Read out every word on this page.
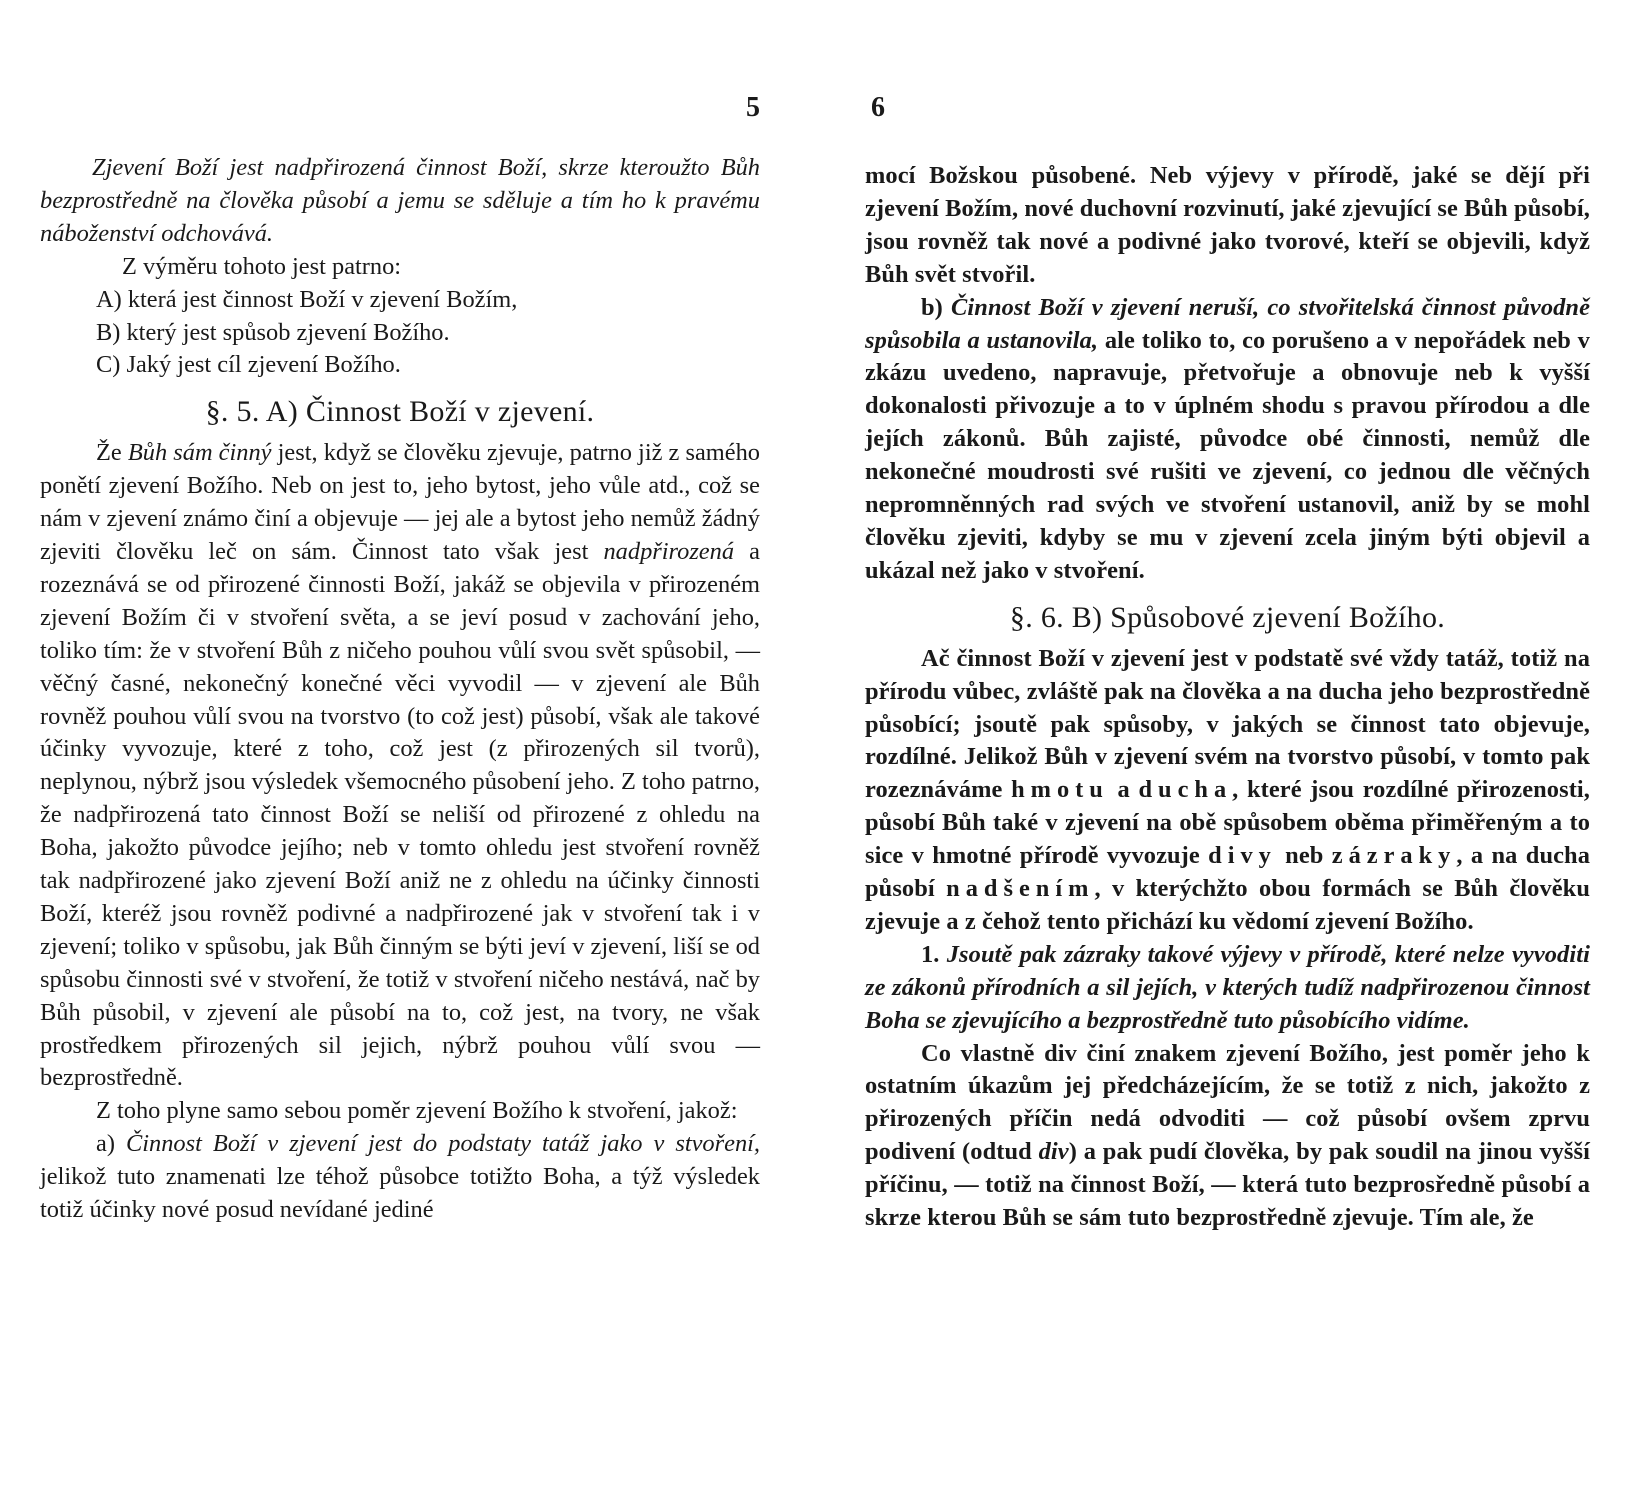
5

Zjevení Boží jest nadpřirozená činnost Boží, skrze kteroužto Bůh bezprostředně na člověka působí a jemu se sděluje a tím ho k pravému náboženství odchovává.

Z výměru tohoto jest patrno:

A) která jest činnost Boží v zjevení Božím,

B) který jest spůsob zjevení Božího.

C) Jaký jest cíl zjevení Božího.

§. 5. A) Činnost Boží v zjevení.

Že Bůh sám činný jest, když se člověku zjevuje, patrno již z samého ponětí zjevení Božího. Neb on jest to, jeho bytost, jeho vůle atd., což se nám v zjevení známo činí a objevuje — jej ale a bytost jeho nemůž žádný zjeviti člověku leč on sám. Činnost tato však jest nadpřirozená a rozeznává se od přirozené činnosti Boží, jakáž se objevila v přirozeném zjevení Božím či v stvoření světa, a se jeví posud v zachování jeho, toliko tím: že v stvoření Bůh z ničeho pouhou vůlí svou svět spůsobil, — věčný časné, nekonečný konečné věci vyvodil — v zjevení ale Bůh rovněž pouhou vůlí svou na tvorstvo (to což jest) působí, však ale takové účinky vyvozuje, které z toho, což jest (z přirozených sil tvorů), neplynou, nýbrž jsou výsledek všemocného působení jeho. Z toho patrno, že nadpřirozená tato činnost Boží se neliší od přirozené z ohledu na Boha, jakožto původce jejího; neb v tomto ohledu jest stvoření rovněž tak nadpřirozené jako zjevení Boží aniž ne z ohledu na účinky činnosti Boží, kteréž jsou rovněž podivné a nadpřirozené jak v stvoření tak i v zjevení; toliko v spůsobu, jak Bůh činným se býti jeví v zjevení, liší se od spůsobu činnosti své v stvoření, že totiž v stvoření ničeho nestává, nač by Bůh působil, v zjevení ale působí na to, což jest, na tvory, ne však prostředkem přirozených sil jejich, nýbrž pouhou vůlí svou — bezprostředně.

Z toho plyne samo sebou poměr zjevení Božího k stvoření, jakož:

a) Činnost Boží v zjevení jest do podstaty tatáž jako v stvoření, jelikož tuto znamenati lze téhož působce totižto Boha, a týž výsledek totiž účinky nové posud nevídané jediné

6

mocí Božskou působené. Neb výjevy v přírodě, jaké se dějí při zjevení Božím, nové duchovní rozvinutí, jaké zjevující se Bůh působí, jsou rovněž tak nové a podivné jako tvorové, kteří se objevili, když Bůh svět stvořil.

b) Činnost Boží v zjevení neruší, co stvořitelská činnost původně spůsobila a ustanovila, ale toliko to, co porušeno a v nepořádek neb v zkázu uvedeno, napravuje, přetvořuje a obnovuje neb k vyšší dokonalosti přivozuje a to v úplném shodu s pravou přírodou a dle jejích zákonů. Bůh zajisté, původce obé činnosti, nemůž dle nekonečné moudrosti své rušiti ve zjevení, co jednou dle věčných nepromněnných rad svých ve stvoření ustanovil, aniž by se mohl člověku zjeviti, kdyby se mu v zjevení zcela jiným býti objevil a ukázal než jako v stvoření.

§. 6. B) Spůsobové zjevení Božího.

Ač činnost Boží v zjevení jest v podstatě své vždy tatáž, totiž na přírodu vůbec, zvláště pak na člověka a na ducha jeho bezprostředně působící; jsoutě pak spůsoby, v jakých se činnost tato objevuje, rozdílné. Jelikož Bůh v zjevení svém na tvorstvo působí, v tomto pak rozeznáváme hmotu a ducha, které jsou rozdílné přirozenosti, působí Bůh také v zjevení na obě spůsobem oběma přiměřeným a to sice v hmotné přírodě vyvozuje divy neb zázraky, a na ducha působí nadšením, v kterýchžto obou formách se Bůh člověku zjevuje a z čehož tento přichází ku vědomí zjevení Božího.

1. Jsoutě pak zázraky takové výjevy v přírodě, které nelze vyvoditi ze zákonů přírodních a sil jejích, v kterých tudíž nadpřirozenou činnost Boha se zjevujícího a bezprostředně tuto působícího vidíme.

Co vlastně div činí znakem zjevení Božího, jest poměr jeho k ostatním úkazům jej předcházejícím, že se totiž z nich, jakožto z přirozených příčin nedá odvoditi — což působí ovšem zprvu podivení (odtud div) a pak pudí člověka, by pak soudil na jinou vyšší příčinu, — totiž na činnost Boží, — která tuto bezprosředně působí a skrze kterou Bůh se sám tuto bezprostředně zjevuje. Tím ale, že
